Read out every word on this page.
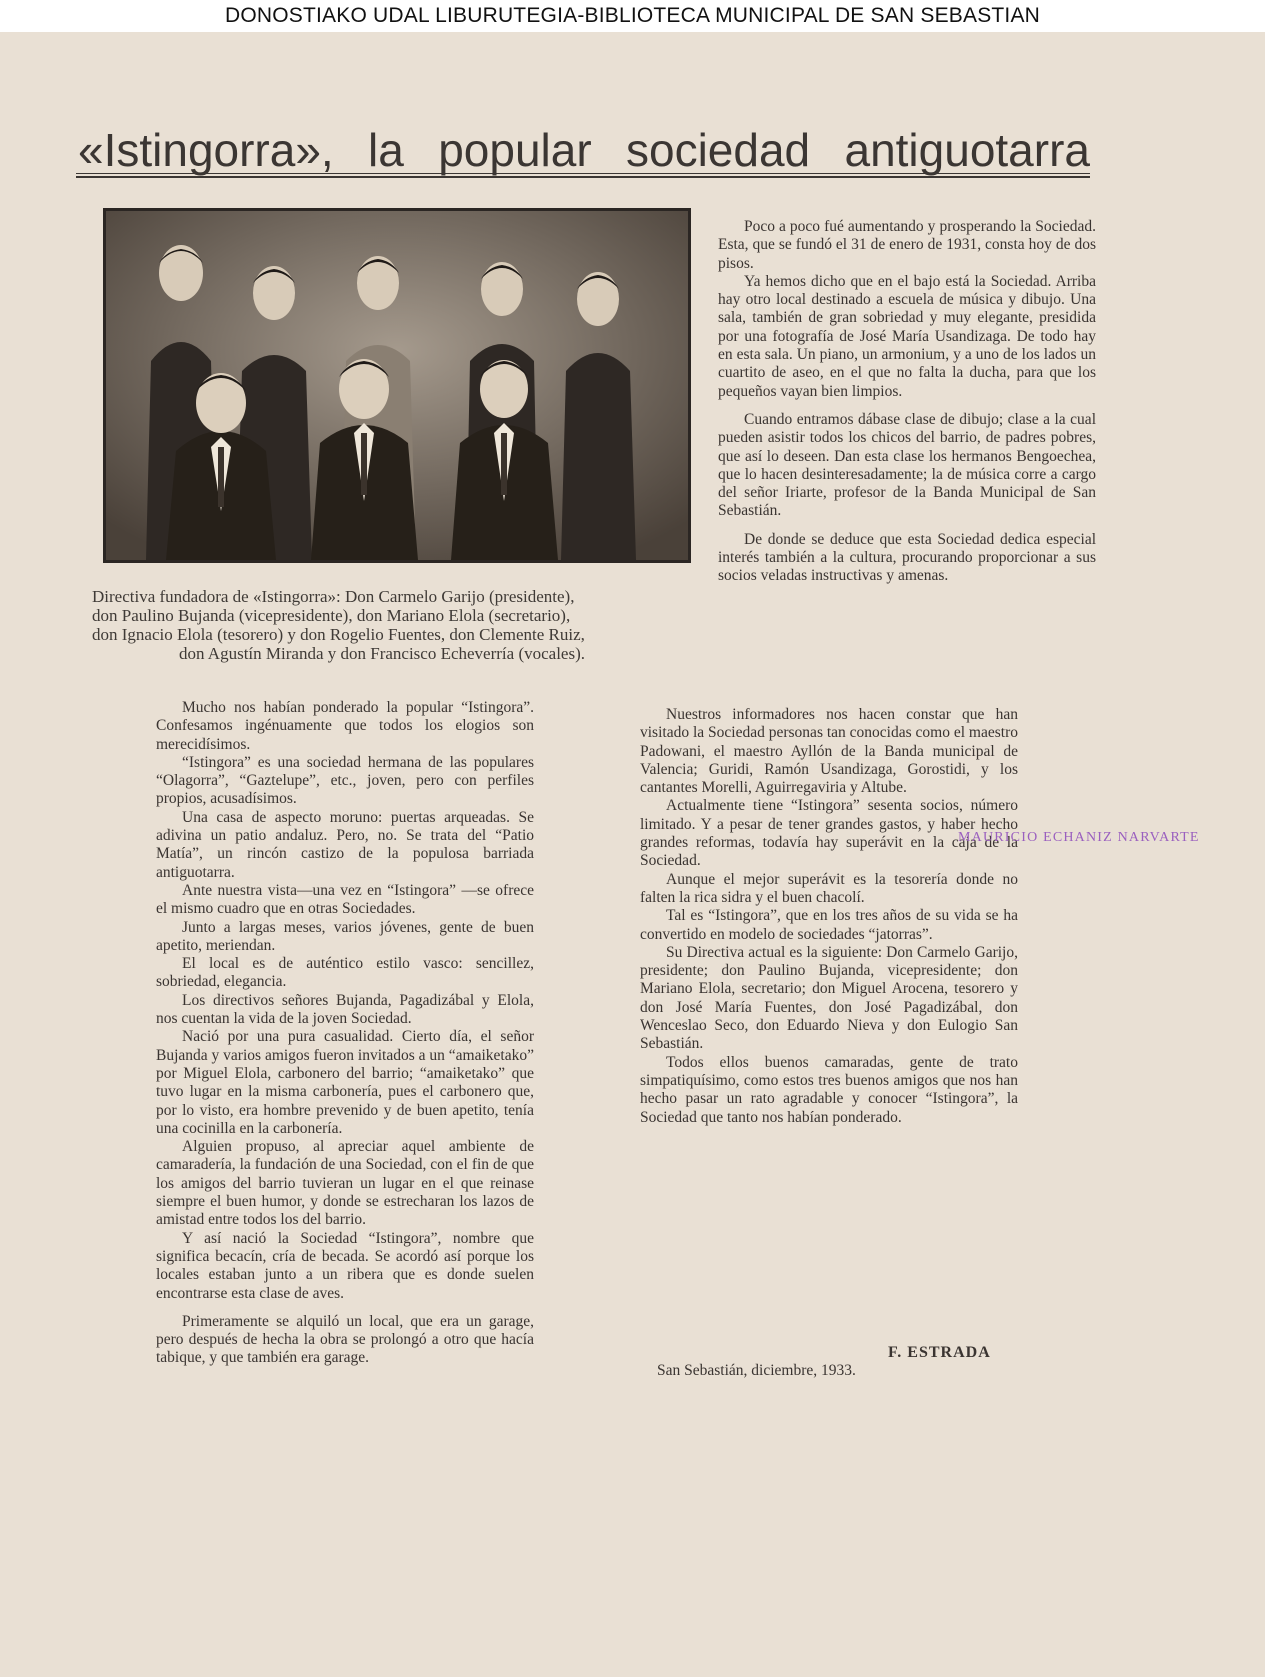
DONOSTIAKO UDAL LIBURUTEGIA-BIBLIOTECA MUNICIPAL DE SAN SEBASTIAN
«Istingorra», la popular sociedad antiguotarra
Directiva fundadora de «Istingorra»: Don Carmelo Garijo (presidente),
don Paulino Bujanda (vicepresidente), don Mariano Elola (secretario),
don Ignacio Elola (tesorero) y don Rogelio Fuentes, don Clemente Ruiz,
don Agustín Miranda y don Francisco Echeverría (vocales).

Poco a poco fué aumentando y prosperando la Sociedad. Esta, que se fundó el 31 de enero de 1931, consta hoy de dos pisos.

Ya hemos dicho que en el bajo está la Sociedad. Arriba hay otro local destinado a escuela de música y dibujo. Una sala, también de gran sobriedad y muy elegante, presidida por una fotografía de José María Usandizaga. De todo hay en esta sala. Un piano, un armonium, y a uno de los lados un cuartito de aseo, en el que no falta la ducha, para que los pequeños vayan bien limpios.

Cuando entramos dábase clase de dibujo; clase a la cual pueden asistir todos los chicos del barrio, de padres pobres, que así lo deseen. Dan esta clase los hermanos Bengoechea, que lo hacen desinteresadamente; la de música corre a cargo del señor Iriarte, profesor de la Banda Municipal de San Sebastián.

De donde se deduce que esta Sociedad dedica especial interés también a la cultura, procurando proporcionar a sus socios veladas instructivas y amenas.

Mucho nos habían ponderado la popular “Istingora”. Confesamos ingénuamente que todos los elogios son merecidísimos.

“Istingora” es una sociedad hermana de las populares “Olagorra”, “Gaztelupe”, etc., joven, pero con perfiles propios, acusadísimos.

Una casa de aspecto moruno: puertas arqueadas. Se adivina un patio andaluz. Pero, no. Se trata del “Patio Matía”, un rincón castizo de la populosa barriada antiguotarra.

Ante nuestra vista—una vez en “Istingora” —se ofrece el mismo cuadro que en otras Sociedades.

Junto a largas meses, varios jóvenes, gente de buen apetito, meriendan.

El local es de auténtico estilo vasco: sencillez, sobriedad, elegancia.

Los directivos señores Bujanda, Pagadizábal y Elola, nos cuentan la vida de la joven Sociedad.

Nació por una pura casualidad. Cierto día, el señor Bujanda y varios amigos fueron invitados a un “amaiketako” por Miguel Elola, carbonero del barrio; “amaiketako” que tuvo lugar en la misma carbonería, pues el carbonero que, por lo visto, era hombre prevenido y de buen apetito, tenía una cocinilla en la carbonería.

Alguien propuso, al apreciar aquel ambiente de camaradería, la fundación de una Sociedad, con el fin de que los amigos del barrio tuvieran un lugar en el que reinase siempre el buen humor, y donde se estrecharan los lazos de amistad entre todos los del barrio.

Y así nació la Sociedad “Istingora”, nombre que significa becacín, cría de becada. Se acordó así porque los locales estaban junto a un ribera que es donde suelen encontrarse esta clase de aves.

Primeramente se alquiló un local, que era un garage, pero después de hecha la obra se prolongó a otro que hacía tabique, y que también era garage.

Nuestros informadores nos hacen constar que han visitado la Sociedad personas tan conocidas como el maestro Padowani, el maestro Ayllón de la Banda municipal de Valencia; Guridi, Ramón Usandizaga, Gorostidi, y los cantantes Morelli, Aguirregaviria y Altube.

Actualmente tiene “Istingora” sesenta socios, número limitado. Y a pesar de tener grandes gastos, y haber hecho grandes reformas, todavía hay superávit en la caja de la Sociedad.

Aunque el mejor superávit es la tesorería donde no falten la rica sidra y el buen chacolí.

Tal es “Istingora”, que en los tres años de su vida se ha convertido en modelo de sociedades “jatorras”.

Su Directiva actual es la siguiente: Don Carmelo Garijo, presidente; don Paulino Bujanda, vicepresidente; don Mariano Elola, secretario; don Miguel Arocena, tesorero y don José María Fuentes, don José Pagadizábal, don Wenceslao Seco, don Eduardo Nieva y don Eulogio San Sebastián.

Todos ellos buenos camaradas, gente de trato simpatiquísimo, como estos tres buenos amigos que nos han hecho pasar un rato agradable y conocer “Istingora”, la Sociedad que tanto nos habían ponderado.

MAURICIO ECHANIZ NARVARTE
F. ESTRADA
San Sebastián, diciembre, 1933.
